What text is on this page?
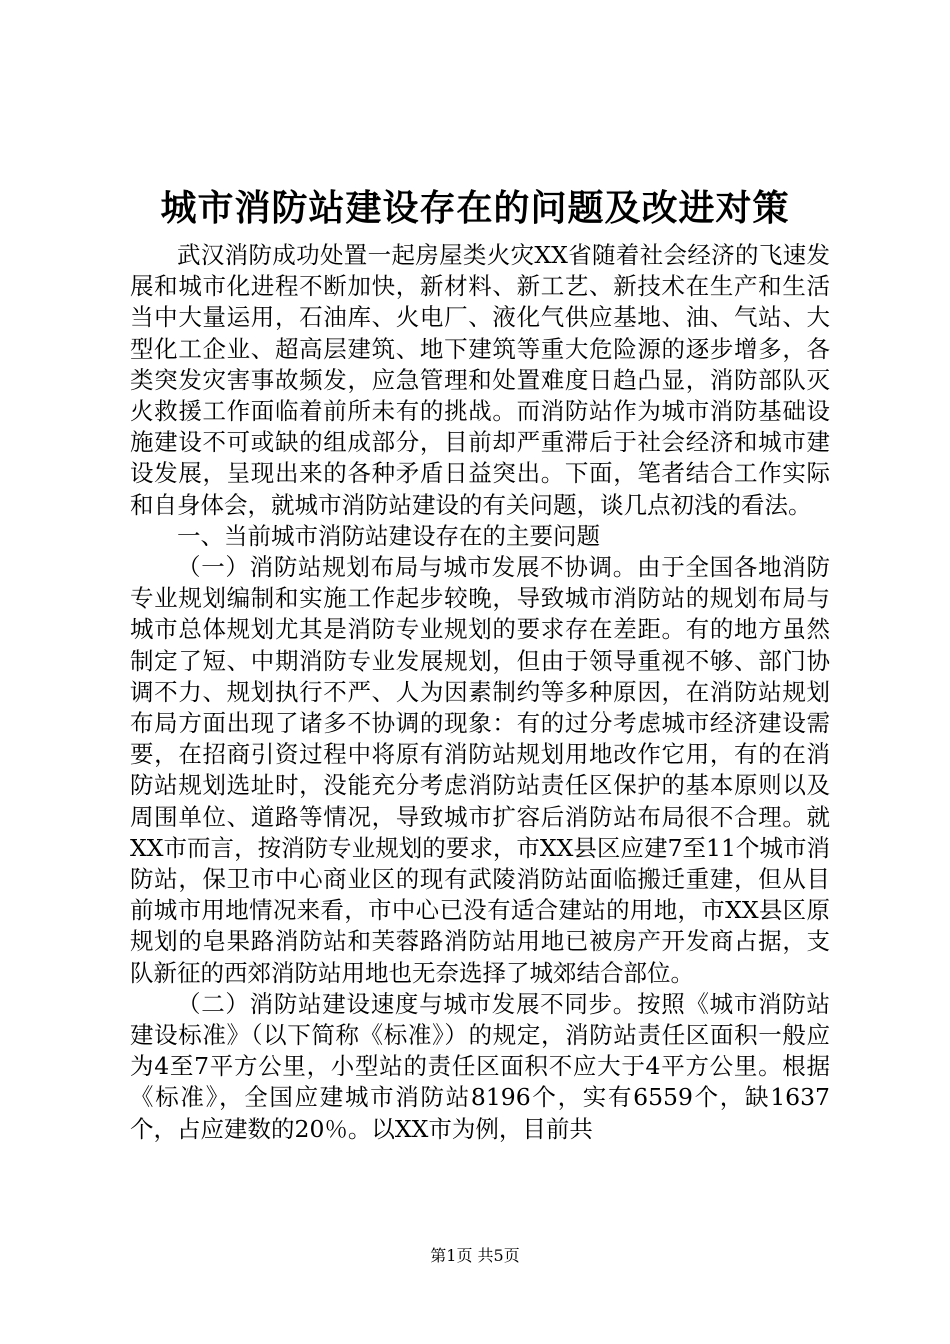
城市消防站建设存在的问题及改进对策

武汉消防成功处置一起房屋类火灾XX省随着社会经济的飞速发展和城市化进程不断加快，新材料、新工艺、新技术在生产和生活当中大量运用，石油库、火电厂、液化气供应基地、油、气站、大型化工企业、超高层建筑、地下建筑等重大危险源的逐步增多，各类突发灾害事故频发，应急管理和处置难度日趋凸显，消防部队灭火救援工作面临着前所未有的挑战。而消防站作为城市消防基础设施建设不可或缺的组成部分，目前却严重滞后于社会经济和城市建设发展，呈现出来的各种矛盾日益突出。下面，笔者结合工作实际和自身体会，就城市消防站建设的有关问题，谈几点初浅的看法。

一、当前城市消防站建设存在的主要问题

（一）消防站规划布局与城市发展不协调。由于全国各地消防专业规划编制和实施工作起步较晚，导致城市消防站的规划布局与城市总体规划尤其是消防专业规划的要求存在差距。有的地方虽然制定了短、中期消防专业发展规划，但由于领导重视不够、部门协调不力、规划执行不严、人为因素制约等多种原因，在消防站规划布局方面出现了诸多不协调的现象：有的过分考虑城市经济建设需要，在招商引资过程中将原有消防站规划用地改作它用，有的在消防站规划选址时，没能充分考虑消防站责任区保护的基本原则以及周围单位、道路等情况，导致城市扩容后消防站布局很不合理。就XX市而言，按消防专业规划的要求，市XX县区应建7至11个城市消防站，保卫市中心商业区的现有武陵消防站面临搬迁重建，但从目前城市用地情况来看，市中心已没有适合建站的用地，市XX县区原规划的皂果路消防站和芙蓉路消防站用地已被房产开发商占据，支队新征的西郊消防站用地也无奈选择了城郊结合部位。

（二）消防站建设速度与城市发展不同步。按照《城市消防站建设标准》（以下简称《标准》）的规定，消防站责任区面积一般应为4至7平方公里，小型站的责任区面积不应大于4平方公里。根据《标准》，全国应建城市消防站8196个，实有6559个，缺1637个，占应建数的20％。以XX市为例，目前共

第1页 共5页
